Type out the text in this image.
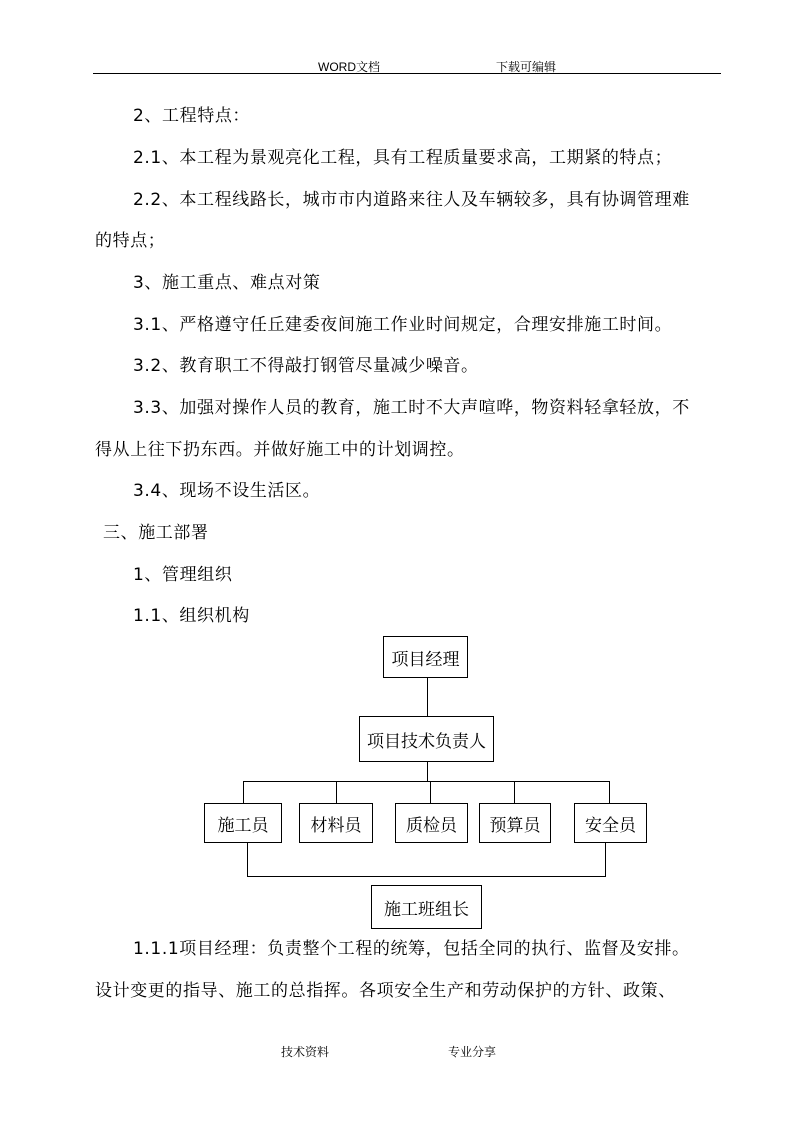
WORD文档	下载可编辑
2、工程特点：
2.1、本工程为景观亮化工程，具有工程质量要求高，工期紧的特点；
2.2、本工程线路长，城市市内道路来往人及车辆较多，具有协调管理难
的特点；
3、施工重点、难点对策
3.1、严格遵守任丘建委夜间施工作业时间规定，合理安排施工时间。
3.2、教育职工不得敲打钢管尽量减少噪音。
3.3、加强对操作人员的教育，施工时不大声喧哗，物资料轻拿轻放，不
得从上往下扔东西。并做好施工中的计划调控。
3.4、现场不设生活区。
三、施工部署
1、管理组织
1.1、组织机构
项目经理
项目技术负责人
施工员	材料员	质检员	预算员	安全员
施工班组长
1.1.1项目经理：负责整个工程的统筹，包括全同的执行、监督及安排。
设计变更的指导、施工的总指挥。各项安全生产和劳动保护的方针、政策、
技术资料	专业分享
